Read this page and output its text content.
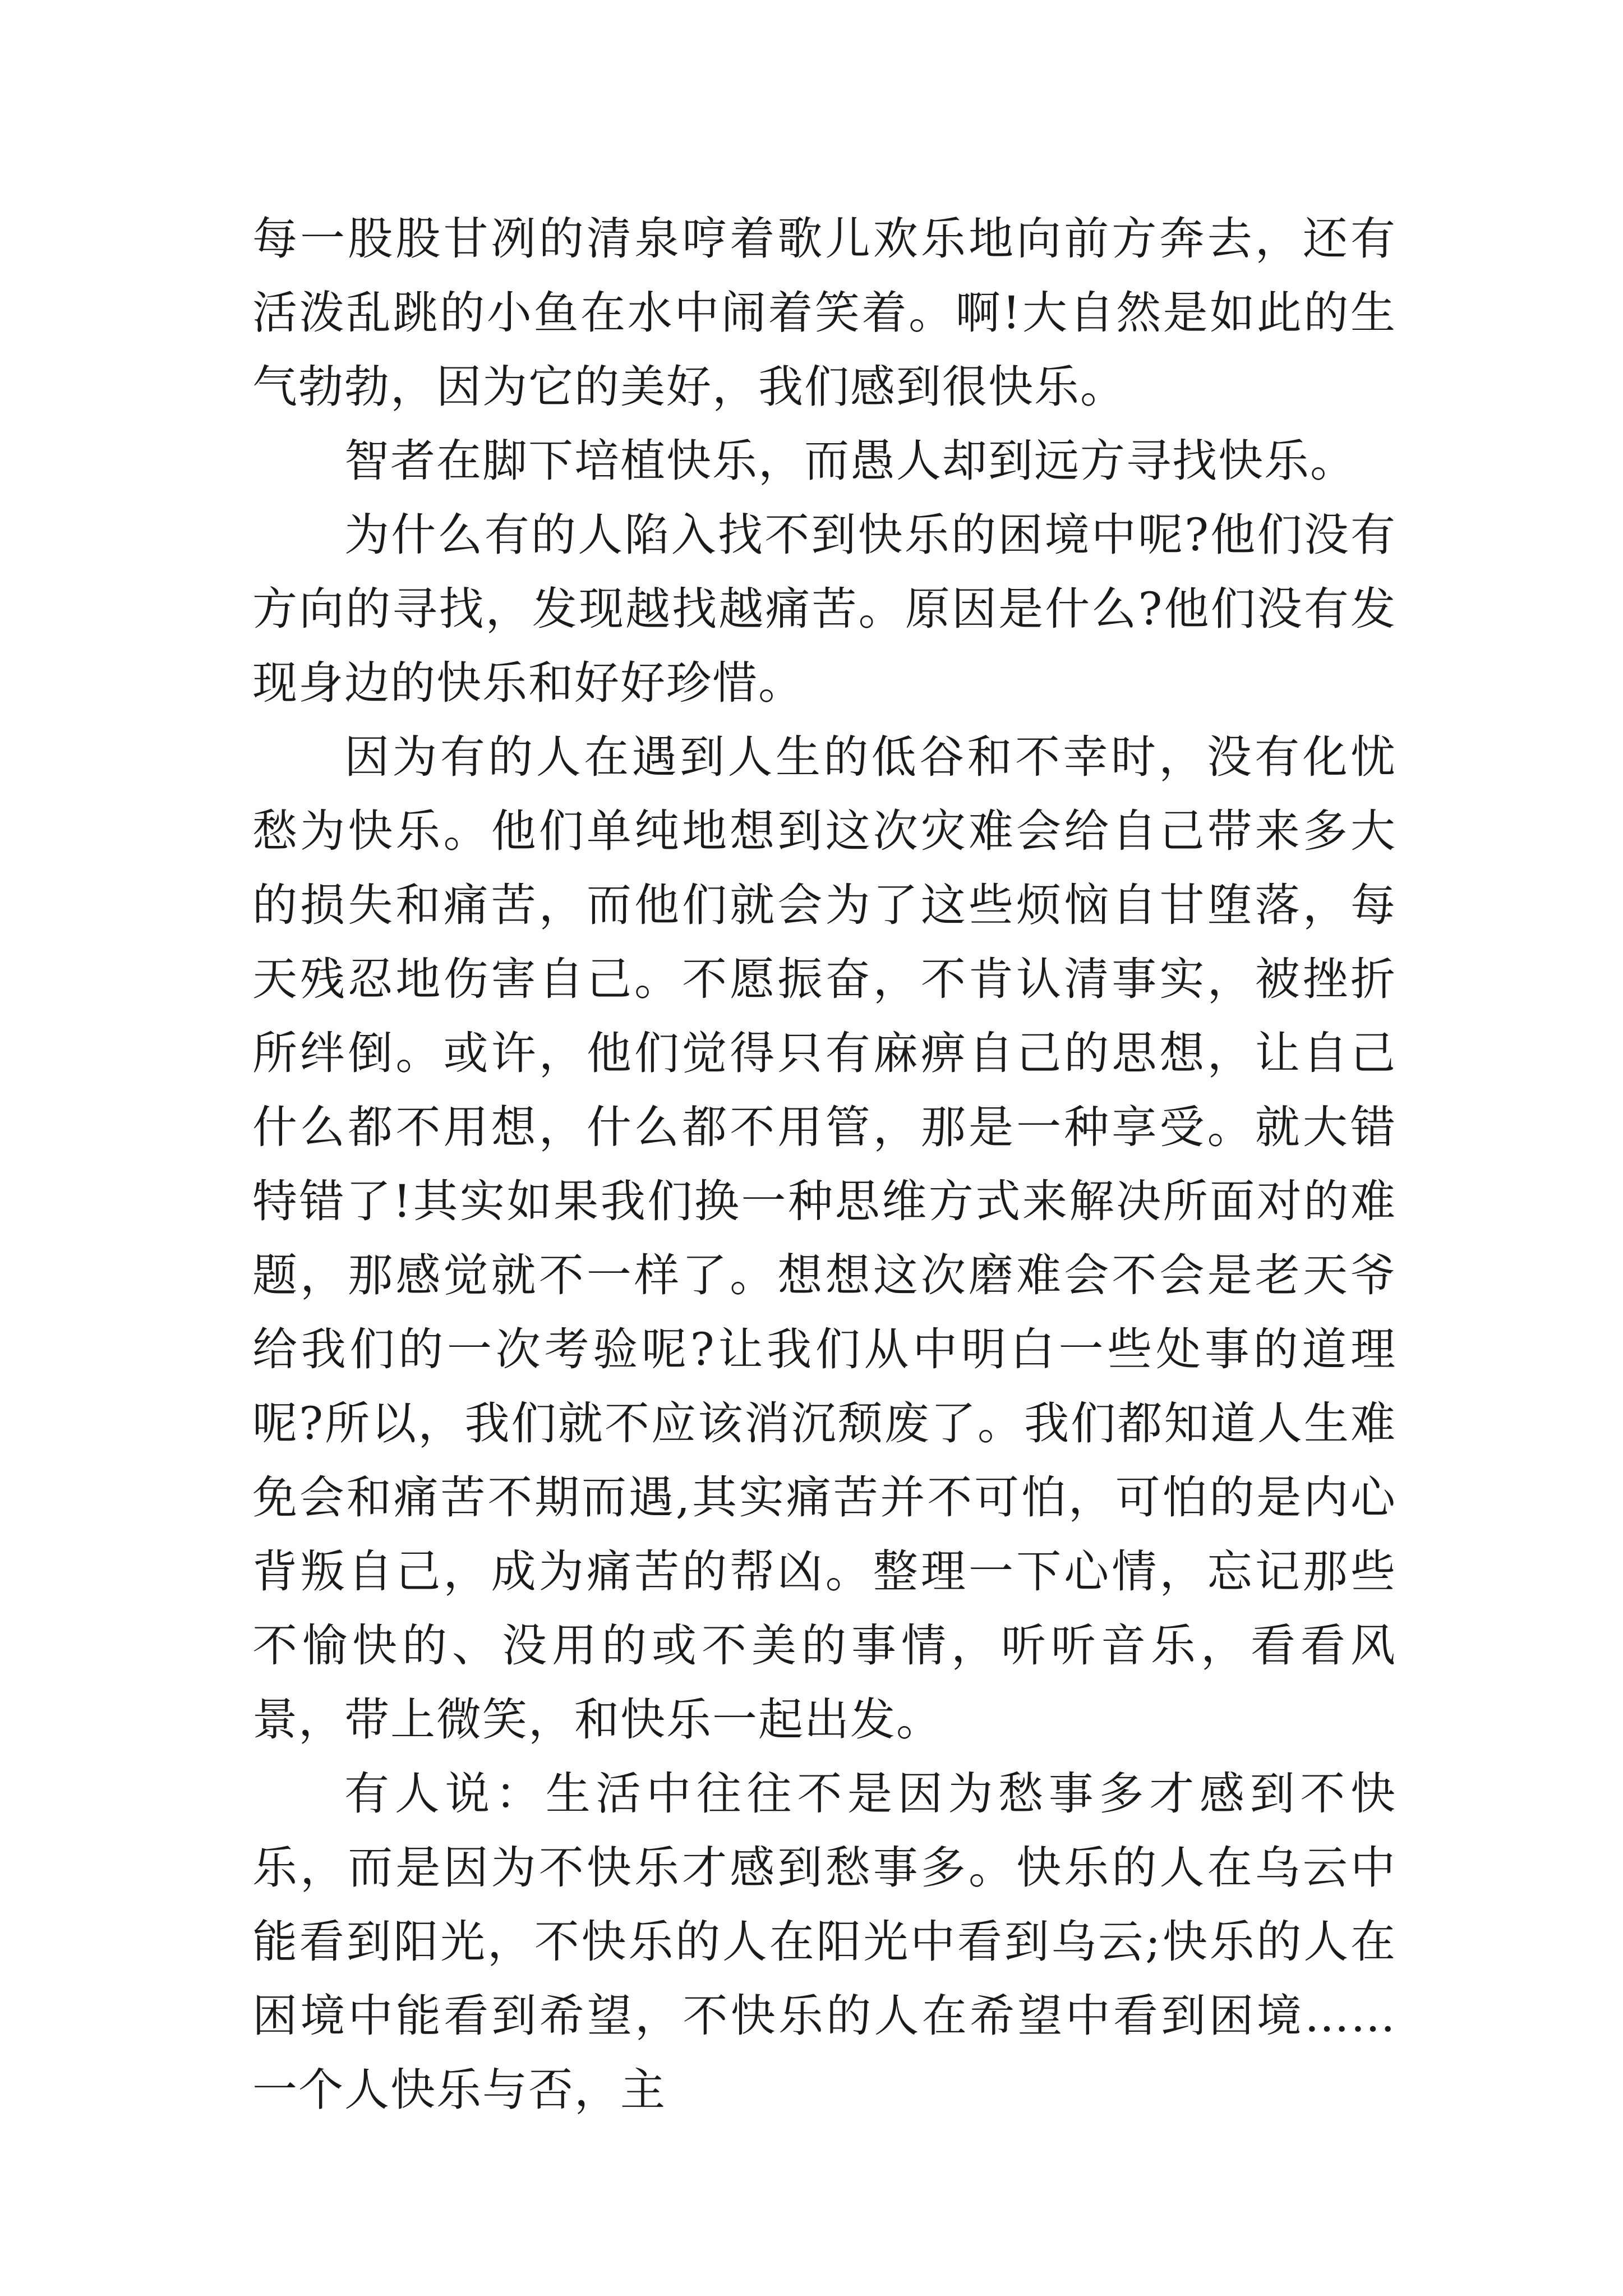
每一股股甘冽的清泉哼着歌儿欢乐地向前方奔去，还有活泼乱跳的小鱼在水中闹着笑着。啊!大自然是如此的生气勃勃，因为它的美好，我们感到很快乐。

智者在脚下培植快乐，而愚人却到远方寻找快乐。

为什么有的人陷入找不到快乐的困境中呢?他们没有方向的寻找，发现越找越痛苦。原因是什么?他们没有发现身边的快乐和好好珍惜。

因为有的人在遇到人生的低谷和不幸时，没有化忧愁为快乐。他们单纯地想到这次灾难会给自己带来多大的损失和痛苦，而他们就会为了这些烦恼自甘堕落，每天残忍地伤害自己。不愿振奋，不肯认清事实，被挫折所绊倒。或许，他们觉得只有麻痹自己的思想，让自己什么都不用想，什么都不用管，那是一种享受。就大错特错了!其实如果我们换一种思维方式来解决所面对的难题，那感觉就不一样了。想想这次磨难会不会是老天爷给我们的一次考验呢?让我们从中明白一些处事的道理呢?所以，我们就不应该消沉颓废了。我们都知道人生难免会和痛苦不期而遇,其实痛苦并不可怕，可怕的是内心背叛自己，成为痛苦的帮凶。整理一下心情，忘记那些不愉快的、没用的或不美的事情，听听音乐，看看风景，带上微笑，和快乐一起出发。

有人说：生活中往往不是因为愁事多才感到不快乐，而是因为不快乐才感到愁事多。快乐的人在乌云中能看到阳光，不快乐的人在阳光中看到乌云;快乐的人在困境中能看到希望，不快乐的人在希望中看到困境……一个人快乐与否，主
